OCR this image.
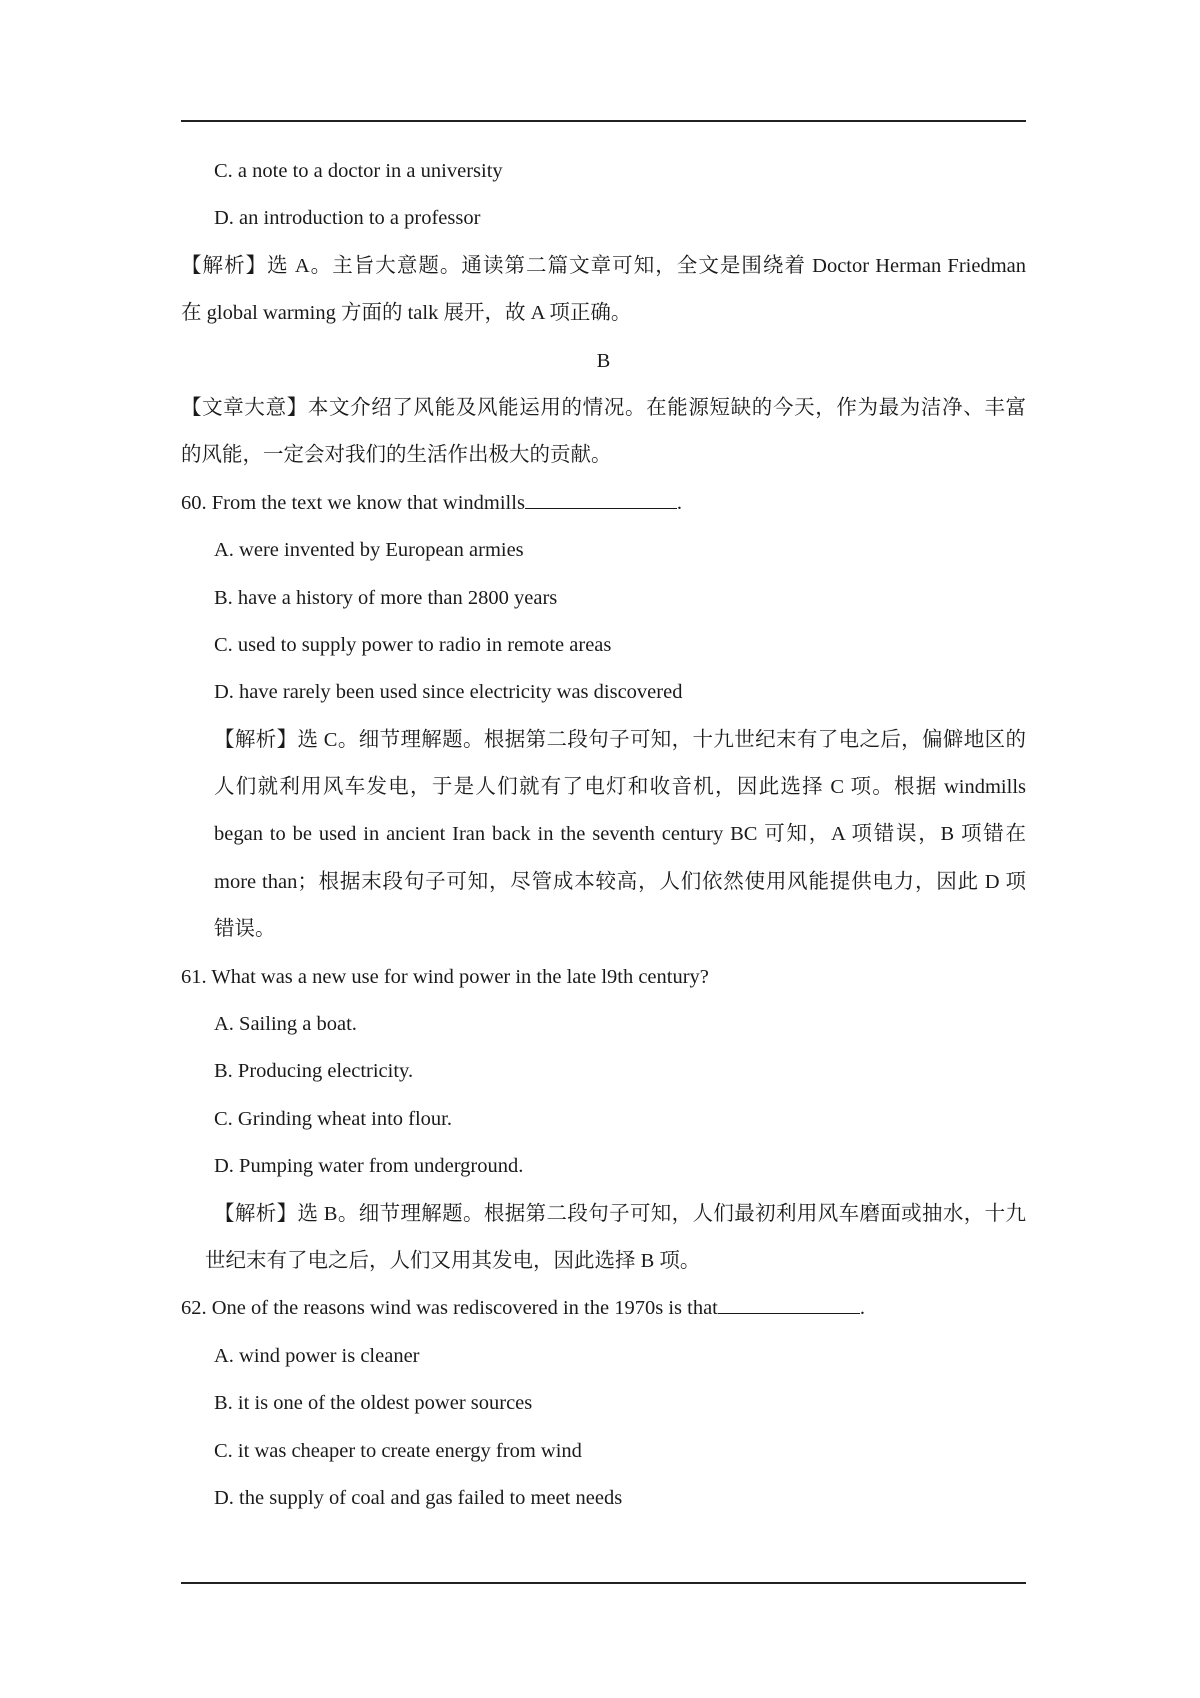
C. a note to a doctor in a university
D. an introduction to a professor
【解析】选 A。主旨大意题。通读第二篇文章可知，全文是围绕着 Doctor Herman Friedman
在 global warming 方面的 talk 展开，故 A 项正确。
B
【文章大意】本文介绍了风能及风能运用的情况。在能源短缺的今天，作为最为洁净、丰富
的风能，一定会对我们的生活作出极大的贡献。
60. From the text we know that windmills	.
A. were invented by European armies
B. have a history of more than 2800 years
C. used to supply power to radio in remote areas
D. have rarely been used since electricity was discovered
【解析】选 C。细节理解题。根据第二段句子可知，十九世纪末有了电之后，偏僻地区的
人们就利用风车发电，于是人们就有了电灯和收音机，因此选择 C 项。根据 windmills
began to be used in ancient Iran back in the seventh century BC 可知，A 项错误，B 项错在
more than；根据末段句子可知，尽管成本较高，人们依然使用风能提供电力，因此 D 项
错误。
61. What was a new use for wind power in the late l9th century?
A. Sailing a boat.
B. Producing electricity.
C. Grinding wheat into flour.
D. Pumping water from underground.
【解析】选 B。细节理解题。根据第二段句子可知，人们最初利用风车磨面或抽水，十九
世纪末有了电之后，人们又用其发电，因此选择 B 项。
62. One of the reasons wind was rediscovered in the 1970s is that	.
A. wind power is cleaner
B. it is one of the oldest power sources
C. it was cheaper to create energy from wind
D. the supply of coal and gas failed to meet needs
